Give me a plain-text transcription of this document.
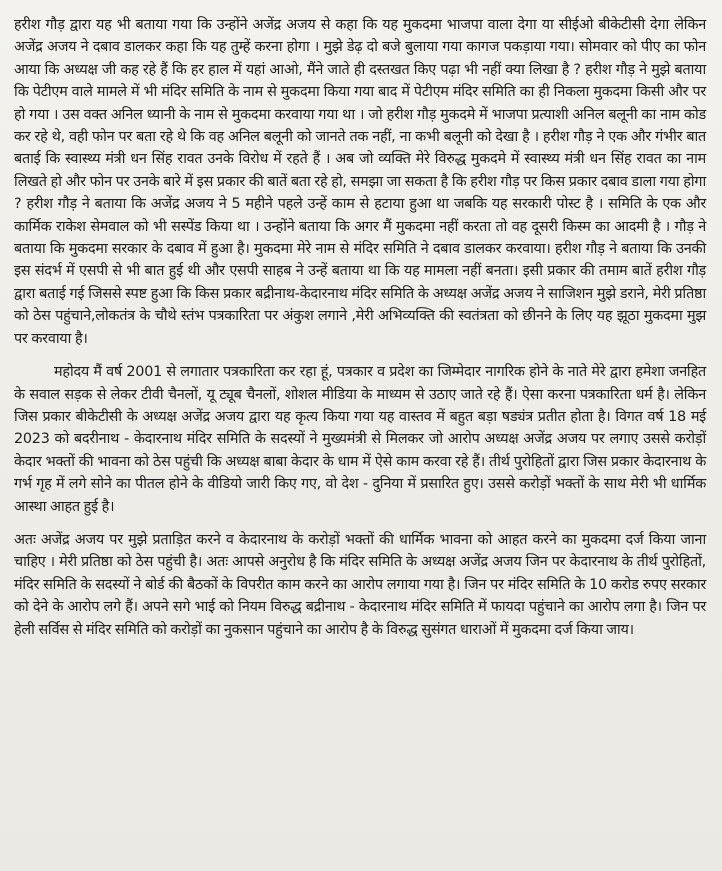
हरीश गौड़ द्वारा यह भी बताया गया कि उन्होंने अजेंद्र अजय से कहा कि यह मुकदमा भाजपा वाला देगा या सीईओ बीकेटीसी देगा लेकिन अजेंद्र अजय ने दबाव डालकर कहा कि यह तुम्हें करना होगा । मुझे डेढ़ दो बजे बुलाया गया कागज पकड़ाया गया। सोमवार को पीए का फोन आया कि अध्यक्ष जी कह रहे हैं कि हर हाल में यहां आओ, मैंने जाते ही दस्तखत किए पढ़ा भी नहीं क्या लिखा है ? हरीश गौड़ ने मुझे बताया कि पेटीएम वाले मामले में भी मंदिर समिति के नाम से मुकदमा किया गया बाद में पेटीएम मंदिर समिति का ही निकला मुकदमा किसी और पर हो गया । उस वक्त अनिल ध्यानी के नाम से मुकदमा करवाया गया था । जो हरीश गौड़ मुकदमे में भाजपा प्रत्याशी अनिल बलूनी का नाम कोड कर रहे थे, वही फोन पर बता रहे थे कि वह अनिल बलूनी को जानते तक नहीं, ना कभी बलूनी को देखा है । हरीश गौड़ ने एक और गंभीर बात बताई कि स्वास्थ्य मंत्री धन सिंह रावत उनके विरोध में रहते हैं । अब जो व्यक्ति मेरे विरुद्ध मुकदमे में स्वास्थ्य मंत्री धन सिंह रावत का नाम लिखते हो और फोन पर उनके बारे में इस प्रकार की बातें बता रहे हो, समझा जा सकता है कि हरीश गौड़ पर किस प्रकार दबाव डाला गया होगा ? हरीश गौड़ ने बताया कि अजेंद्र अजय ने 5 महीने पहले उन्हें काम से हटाया हुआ था जबकि यह सरकारी पोस्ट है । समिति के एक और कार्मिक राकेश सेमवाल को भी सस्पेंड किया था । उन्होंने बताया कि अगर मैं मुकदमा नहीं करता तो वह दूसरी किस्म का आदमी है । गौड़ ने बताया कि मुकदमा सरकार के दबाव में हुआ है। मुकदमा मेरे नाम से मंदिर समिति ने दबाव डालकर करवाया। हरीश गौड़ ने बताया कि उनकी इस संदर्भ में एसपी से भी बात हुई थी और एसपी साहब ने उन्हें बताया था कि यह मामला नहीं बनता। इसी प्रकार की तमाम बातें हरीश गौड़ द्वारा बताई गई जिससे स्पष्ट हुआ कि किस प्रकार बद्रीनाथ-केदारनाथ मंदिर समिति के अध्यक्ष अजेंद्र अजय ने साजिशन मुझे डराने, मेरी प्रतिष्ठा को ठेस पहुंचाने,लोकतंत्र के चौथे स्तंभ पत्रकारिता पर अंकुश लगाने ,मेरी अभिव्यक्ति की स्वतंत्रता को छीनने के लिए यह झूठा मुकदमा मुझ पर करवाया है।

महोदय मैं वर्ष 2001 से लगातार पत्रकारिता कर रहा हूं, पत्रकार व प्रदेश का जिम्मेदार नागरिक होने के नाते मेरे द्वारा हमेशा जनहित के सवाल सड़क से लेकर टीवी चैनलों, यू ट्यूब चैनलों, शोशल मीडिया के माध्यम से उठाए जाते रहे हैं। ऐसा करना पत्रकारिता धर्म है। लेकिन जिस प्रकार बीकेटीसी के अध्यक्ष अजेंद्र अजय द्वारा यह कृत्य किया गया यह वास्तव में बहुत बड़ा षड्यंत्र प्रतीत होता है। विगत वर्ष 18 मई 2023 को बदरीनाथ - केदारनाथ मंदिर समिति के सदस्यों ने मुख्यमंत्री से मिलकर जो आरोप अध्यक्ष अजेंद्र अजय पर लगाए उससे करोड़ों केदार भक्तों की भावना को ठेस पहुंची कि अध्यक्ष बाबा केदार के धाम में ऐसे काम करवा रहे हैं। तीर्थ पुरोहितों द्वारा जिस प्रकार केदारनाथ के गर्भ गृह में लगे सोने का पीतल होने के वीडियो जारी किए गए, वो देश - दुनिया में प्रसारित हुए। उससे करोड़ों भक्तों के साथ मेरी भी धार्मिक आस्था आहत हुई है।

अतः अजेंद्र अजय पर मुझे प्रताड़ित करने व केदारनाथ के करोड़ों भक्तों की धार्मिक भावना को आहत करने का मुकदमा दर्ज किया जाना चाहिए । मेरी प्रतिष्ठा को ठेस पहुंची है। अतः आपसे अनुरोध है कि मंदिर समिति के अध्यक्ष अजेंद्र अजय जिन पर केदारनाथ के तीर्थ पुरोहितों, मंदिर समिति के सदस्यों ने बोर्ड की बैठकों के विपरीत काम करने का आरोप लगाया गया है। जिन पर मंदिर समिति के 10 करोड रुपए सरकार को देने के आरोप लगे हैं। अपने सगे भाई को नियम विरुद्ध बद्रीनाथ - केदारनाथ मंदिर समिति में फायदा पहुंचाने का आरोप लगा है। जिन पर हेली सर्विस से मंदिर समिति को करोड़ों का नुकसान पहुंचाने का आरोप है के विरुद्ध सुसंगत धाराओं में मुकदमा दर्ज किया जाय।
